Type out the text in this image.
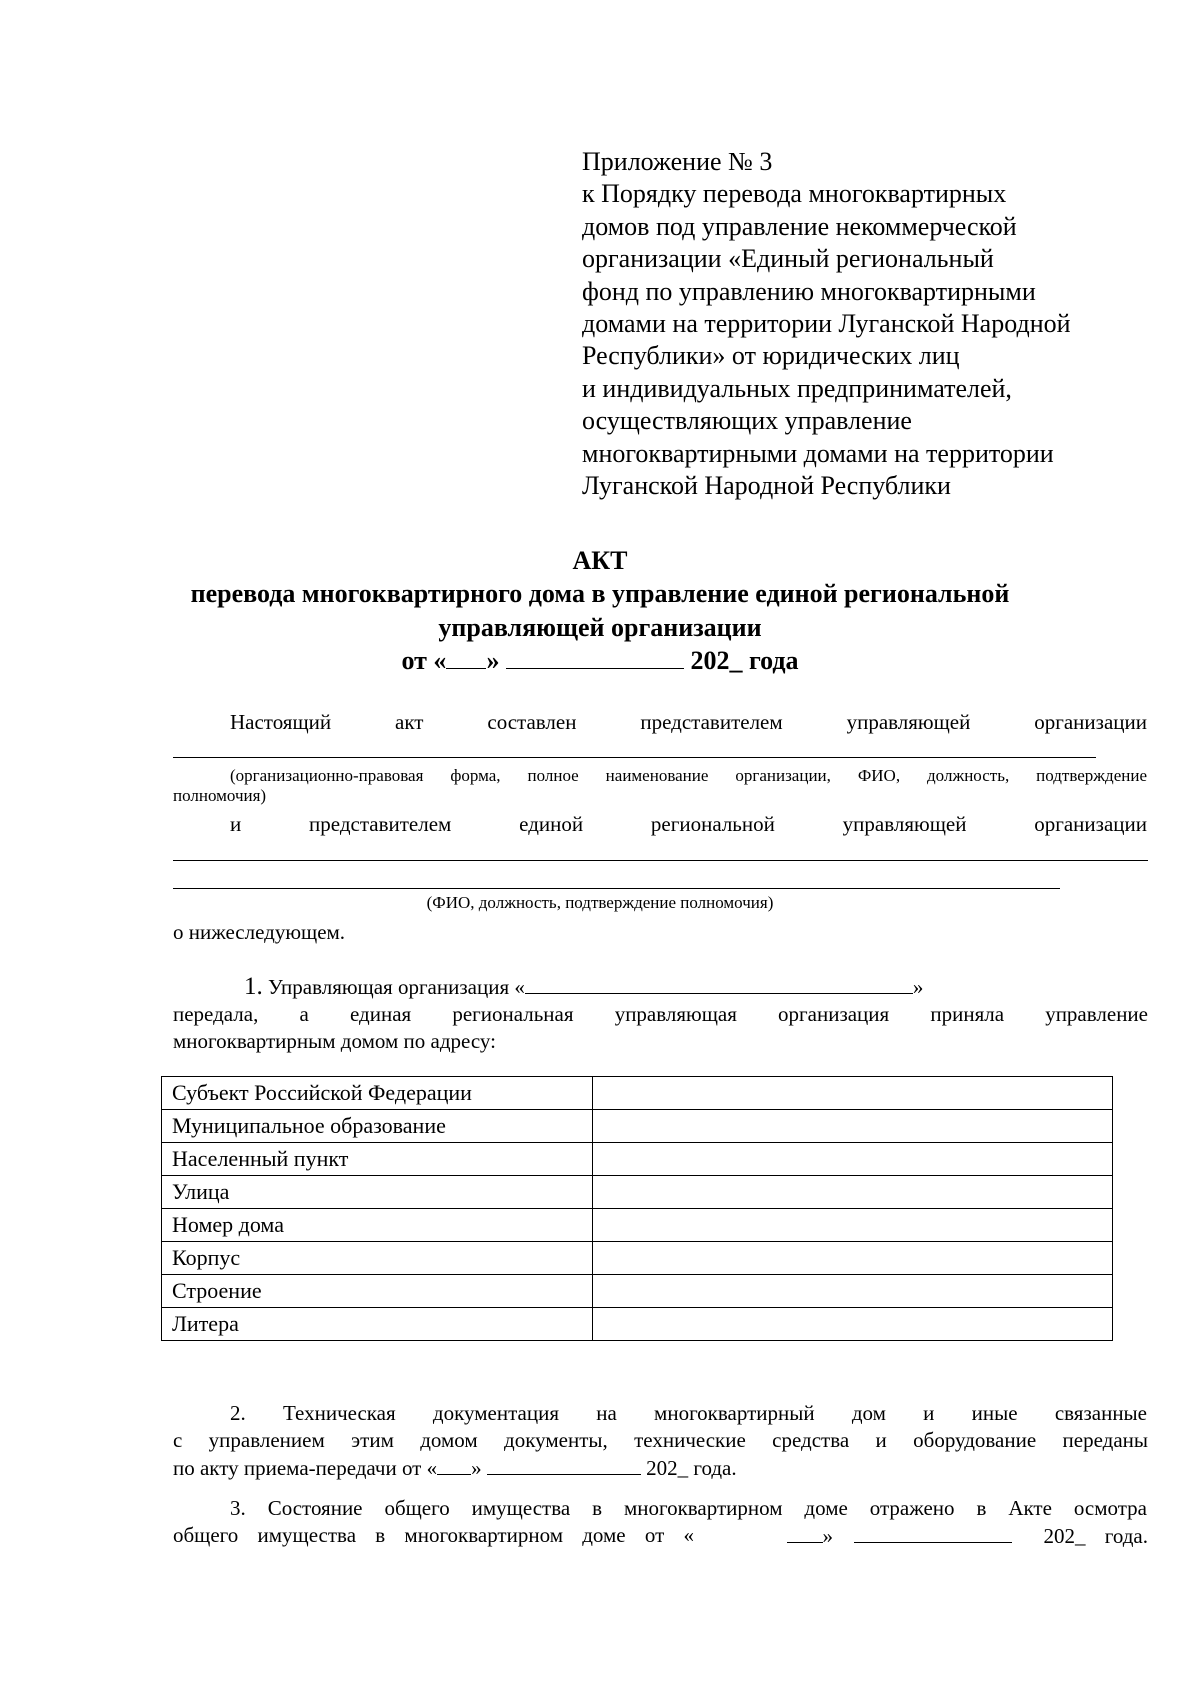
Приложение № 3
к Порядку перевода многоквартирных
домов под управление некоммерческой
организации «Единый региональный
фонд по управлению многоквартирными
домами на территории Луганской Народной
Республики» от юридических лиц
и индивидуальных предпринимателей,
осуществляющих управление
многоквартирными домами на территории
Луганской Народной Республики
АКТ
перевода многоквартирного дома в управление единой региональной
управляющей организации
от « »	202_ года
Настоящий акт составлен представителем управляющей организации
(организационно-правовая форма, полное наименование организации, ФИО, должность, подтверждение
полномочия)
и представителем единой региональной управляющей организации
(ФИО, должность, подтверждение полномочия)
о нижеследующем.
1. Управляющая организация «	»
передала, а единая региональная управляющая организация приняла управление
многоквартирным домом по адресу:
Субъект Российской Федерации	
Муниципальное образование	
Населенный пункт	
Улица	
Номер дома	
Корпус	
Строение	
Литера	
2. Техническая документация на многоквартирный дом и иные связанные
с управлением этим домом документы, технические средства и оборудование переданы
по акту приема-передачи от « »	202_ года.
3. Состояние общего имущества в многоквартирном доме отражено в Акте осмотра
общего имущества в многоквартирном доме от «	»	202_ года.
